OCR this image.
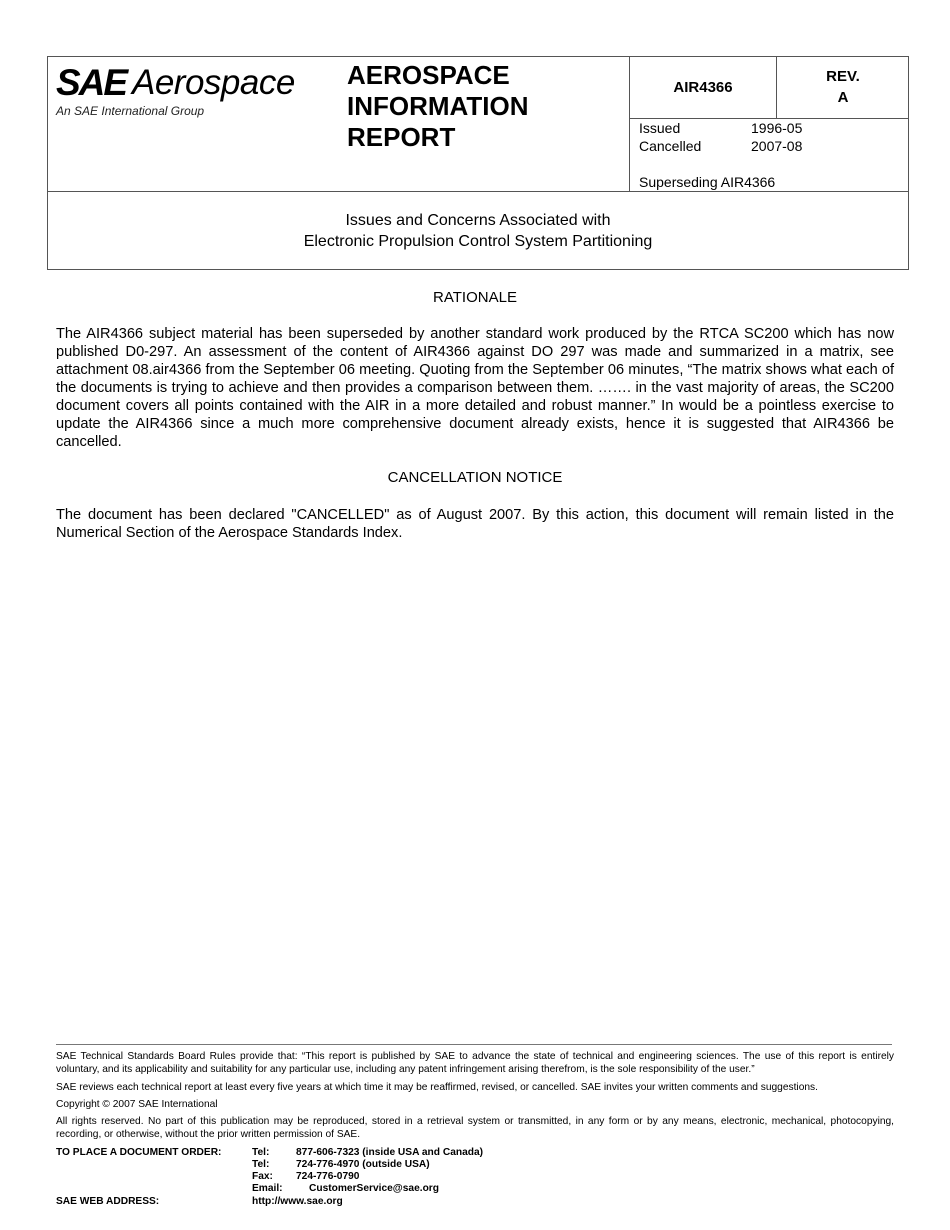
SAE Aerospace
An SAE International Group
AEROSPACE
INFORMATION
REPORT
AIR4366
REV.
A
Issued	1996-05
Cancelled	2007-08
Superseding AIR4366
Issues and Concerns Associated with
Electronic Propulsion Control System Partitioning
RATIONALE
The AIR4366 subject material has been superseded by another standard work produced by the RTCA SC200 which has now published D0-297. An assessment of the content of AIR4366 against DO 297 was made and summarized in a matrix, see attachment 08.air4366 from the September 06 meeting. Quoting from the September 06 minutes, “The matrix shows what each of the documents is trying to achieve and then provides a comparison between them. ……. in the vast majority of areas, the SC200 document covers all points contained with the AIR in a more detailed and robust manner.” In would be a pointless exercise to update the AIR4366 since a much more comprehensive document already exists, hence it is suggested that AIR4366 be cancelled.
CANCELLATION NOTICE
The document has been declared "CANCELLED" as of August 2007. By this action, this document will remain listed in the Numerical Section of the Aerospace Standards Index.
SAE Technical Standards Board Rules provide that: “This report is published by SAE to advance the state of technical and engineering sciences. The use of this report is entirely voluntary, and its applicability and suitability for any particular use, including any patent infringement arising therefrom, is the sole responsibility of the user.”
SAE reviews each technical report at least every five years at which time it may be reaffirmed, revised, or cancelled. SAE invites your written comments and suggestions.
Copyright © 2007 SAE International
All rights reserved. No part of this publication may be reproduced, stored in a retrieval system or transmitted, in any form or by any means, electronic, mechanical, photocopying, recording, or otherwise, without the prior written permission of SAE.
TO PLACE A DOCUMENT ORDER:	Tel:	877-606-7323 (inside USA and Canada)
Tel:	724-776-4970 (outside USA)
Fax: 724-776-0790
Email:	CustomerService@sae.org
SAE WEB ADDRESS:	http://www.sae.org
